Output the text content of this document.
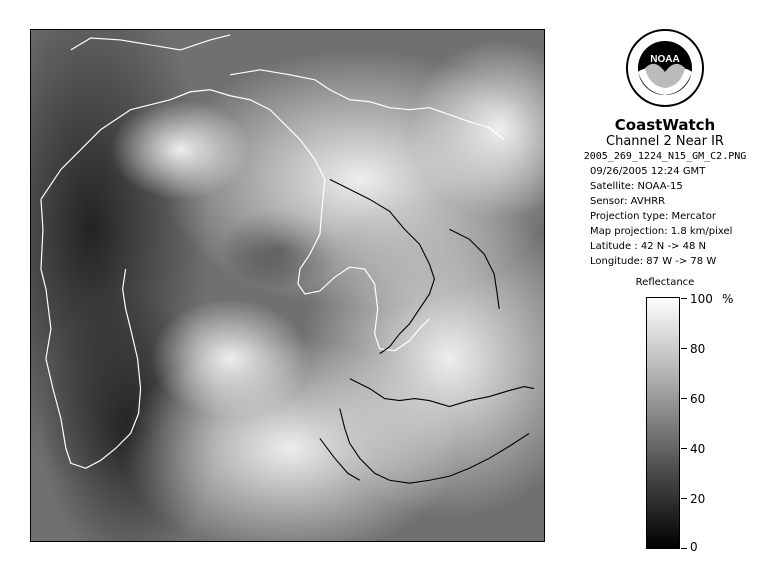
NOAA
CoastWatch
Channel 2 Near IR
2005_269_1224_N15_GM_C2.PNG
09/26/2005 12:24 GMT
Satellite: NOAA-15
Sensor: AVHRR
Projection type: Mercator
Map projection: 1.8 km/pixel
Latitude : 42 N -> 48 N
Longitude: 87 W -> 78 W
Reflectance
%
100
80
60
40
20
0
